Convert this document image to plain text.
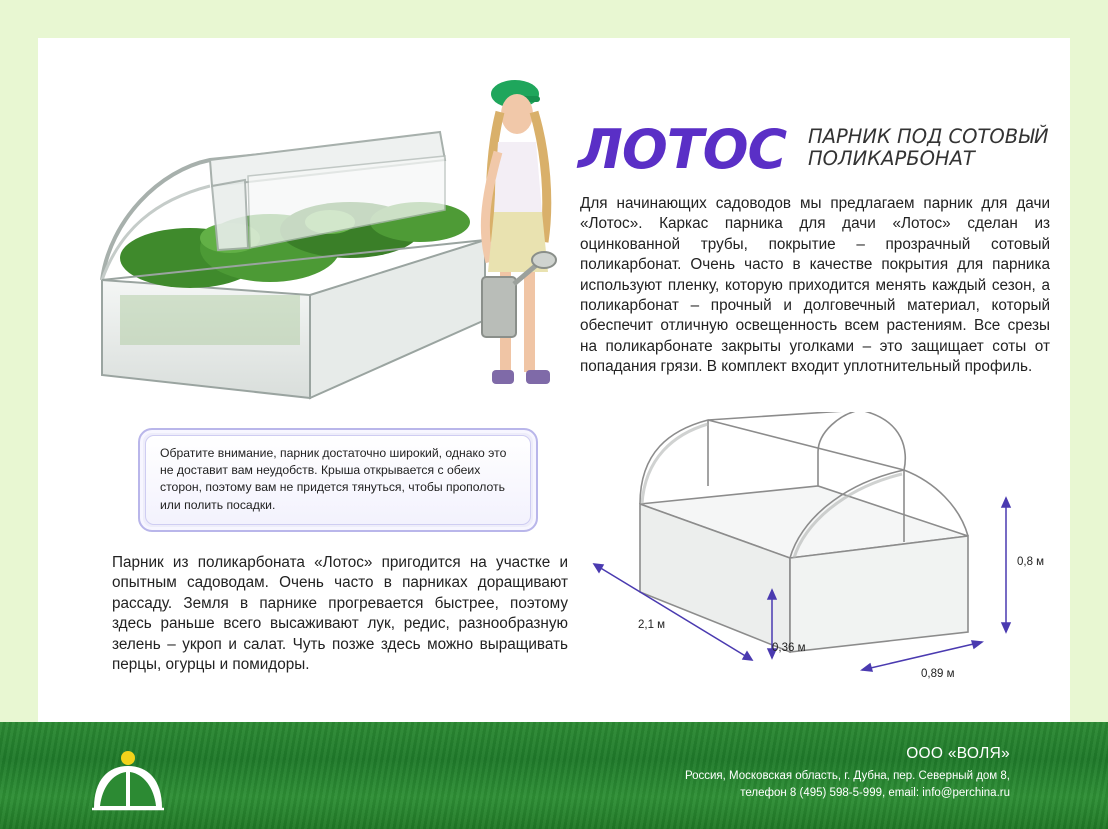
ЛОТОС ПАРНИК ПОД СОТОВЫЙ
ПОЛИКАРБОНАТ
Для начинающих садоводов мы предлагаем парник для дачи «Лотос». Каркас парника для дачи «Лотос» сделан из оцинкованной трубы, покрытие – прозрачный сотовый поликарбонат. Очень часто в качестве покрытия для парника используют пленку, которую приходится менять каждый сезон, а поликарбонат – прочный и долговечный материал, который обеспечит отличную освещенность всем растениям. Все срезы на поликарбонате закрыты уголками – это защищает соты от попадания грязи. В комплект входит уплотнительный профиль.
Обратите внимание, парник достаточно широкий, однако это не доставит вам неудобств. Крыша открывается с обеих сторон, поэтому вам не придется тянуться, чтобы прополоть или полить посадки.
Парник из поликарбоната «Лотос» пригодится на участке и опытным садоводам. Очень часто в парниках доращивают рассаду. Земля в парнике прогревается быстрее, поэтому здесь раньше всего высаживают лук, редис, разнообразную зелень – укроп и салат. Чуть позже здесь можно выращивать перцы, огурцы и помидоры.
2,1 м
0,36 м
0,8 м
0,89 м
ООО «ВОЛЯ»
Россия, Московская область, г. Дубна, пер. Северный дом 8,
телефон 8 (495) 598-5-999, email: info@perchina.ru
